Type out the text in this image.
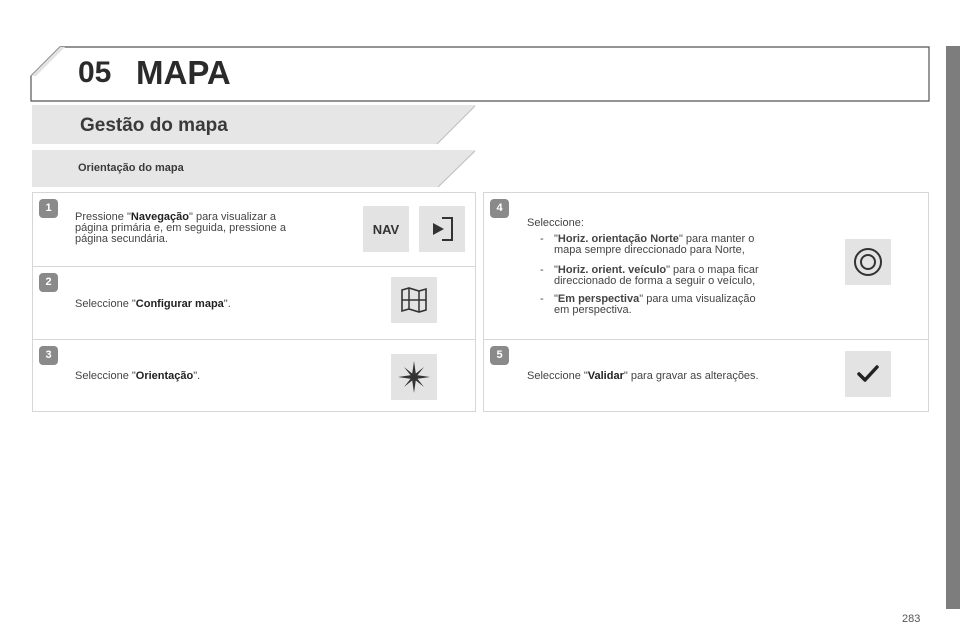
05 MAPA
Gestão do mapa
Orientação do mapa
1
Pressione "Navegação" para visualizar a
página primária e, em seguida, pressione a
página secundária.
NAV
2
Seleccione "Configurar mapa".
3
Seleccione "Orientação".
4
Seleccione:
- "Horiz. orientação Norte" para manter o
mapa sempre direccionado para Norte,
- "Horiz. orient. veículo" para o mapa ficar
direccionado de forma a seguir o veículo,
- "Em perspectiva" para uma visualização
em perspectiva.
5
Seleccione "Validar" para gravar as alterações.
283
